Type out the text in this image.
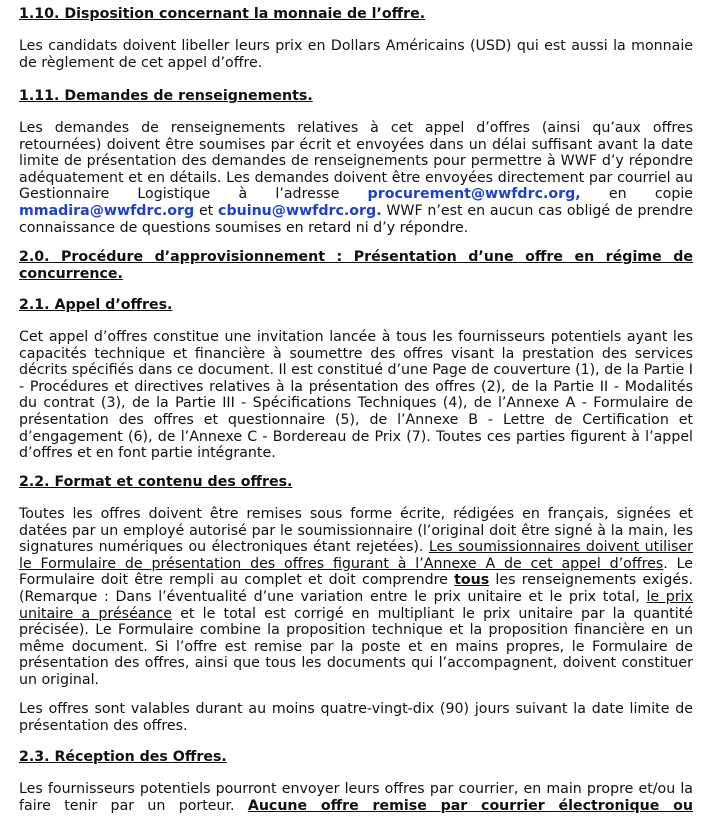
1.10. Disposition concernant la monnaie de l’offre.

Les candidats doivent libeller leurs prix en Dollars Américains (USD) qui est aussi la monnaie de règlement de cet appel d’offre.

1.11. Demandes de renseignements.

Les demandes de renseignements relatives à cet appel d’offres (ainsi qu’aux offres retournées) doivent être soumises par écrit et envoyées dans un délai suffisant avant la date limite de présentation des demandes de renseignements pour permettre à WWF d’y répondre adéquatement et en détails. Les demandes doivent être envoyées directement par courriel au Gestionnaire Logistique à l’adresse procurement@wwfdrc.org, en copie mmadira@wwfdrc.org et cbuinu@wwfdrc.org. WWF n’est en aucun cas obligé de prendre connaissance de questions soumises en retard ni d’y répondre.

2.0. Procédure d’approvisionnement : Présentation d’une offre en régime de concurrence.

2.1. Appel d’offres.

Cet appel d’offres constitue une invitation lancée à tous les fournisseurs potentiels ayant les capacités technique et financière à soumettre des offres visant la prestation des services décrits spécifiés dans ce document. Il est constitué d’une Page de couverture (1), de la Partie I - Procédures et directives relatives à la présentation des offres (2), de la Partie II - Modalités du contrat (3), de la Partie III - Spécifications Techniques (4), de l’Annexe A - Formulaire de présentation des offres et questionnaire (5), de l’Annexe B - Lettre de Certification et d’engagement (6), de l’Annexe C - Bordereau de Prix (7). Toutes ces parties figurent à l’appel d’offres et en font partie intégrante.

2.2. Format et contenu des offres.

Toutes les offres doivent être remises sous forme écrite, rédigées en français, signées et datées par un employé autorisé par le soumissionnaire (l’original doit être signé à la main, les signatures numériques ou électroniques étant rejetées). Les soumissionnaires doivent utiliser le Formulaire de présentation des offres figurant à l’Annexe A de cet appel d’offres. Le Formulaire doit être rempli au complet et doit comprendre tous les renseignements exigés. (Remarque : Dans l’éventualité d’une variation entre le prix unitaire et le prix total, le prix unitaire a préséance et le total est corrigé en multipliant le prix unitaire par la quantité précisée). Le Formulaire combine la proposition technique et la proposition financière en un même document. Si l’offre est remise par la poste et en mains propres, le Formulaire de présentation des offres, ainsi que tous les documents qui l’accompagnent, doivent constituer un original.

Les offres sont valables durant au moins quatre-vingt-dix (90) jours suivant la date limite de présentation des offres.

2.3. Réception des Offres.

Les fournisseurs potentiels pourront envoyer leurs offres par courrier, en main propre et/ou la faire tenir par un porteur. Aucune offre remise par courrier électronique ou
